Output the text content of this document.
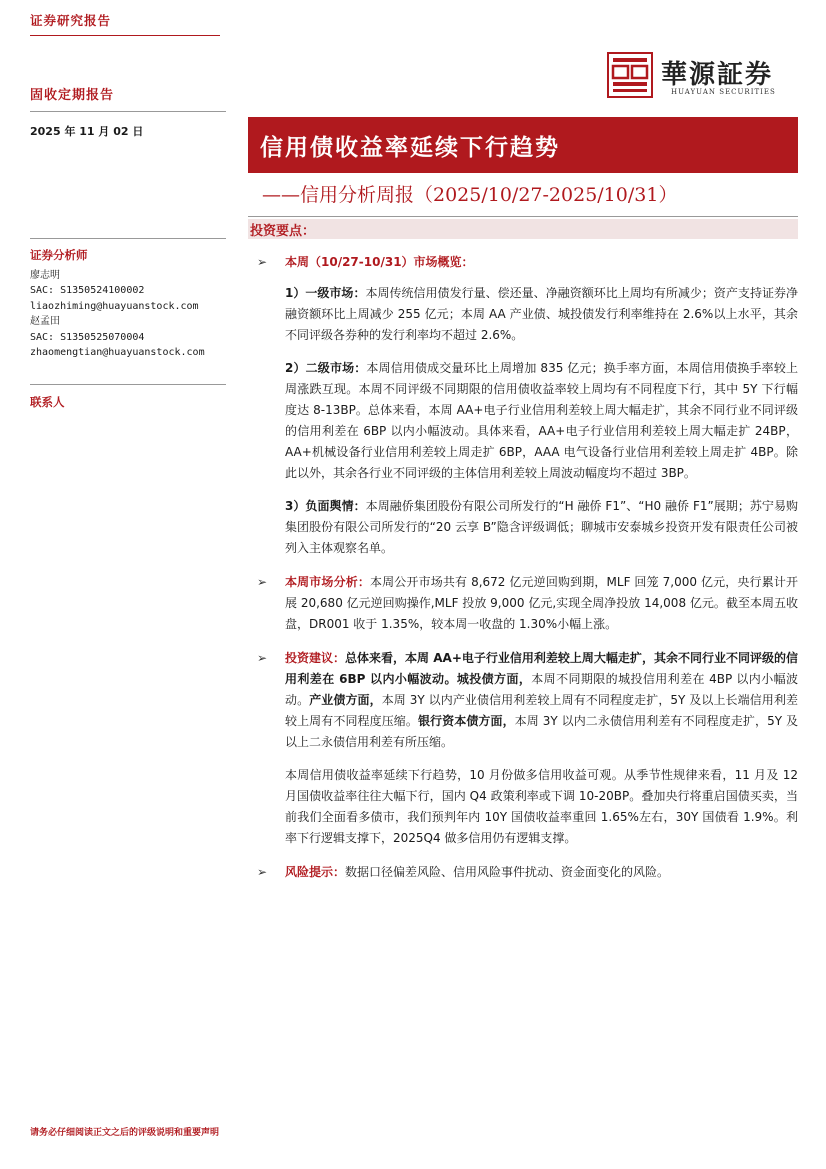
证券研究报告
固收定期报告
華源証券
HUAYUAN SECURITIES
2025 年 11 月 02 日
信用债收益率延续下行趋势
——信用分析周报（2025/10/27-2025/10/31）
投资要点：
证券分析师
廖志明
SAC: S1350524100002
liaozhiming@huayuanstock.com
赵孟田
SAC: S1350525070004
zhaomengtian@huayuanstock.com
联系人
➢ 本周（10/27-10/31）市场概览：
1）一级市场：本周传统信用债发行量、偿还量、净融资额环比上周均有所减少；资产支持证券净融资额环比上周减少 255 亿元；本周 AA 产业债、城投债发行利率维持在 2.6%以上水平，其余不同评级各券种的发行利率均不超过 2.6%。
2）二级市场：本周信用债成交量环比上周增加 835 亿元；换手率方面，本周信用债换手率较上周涨跌互现。本周不同评级不同期限的信用债收益率较上周均有不同程度下行，其中 5Y 下行幅度达 8-13BP。总体来看，本周 AA+电子行业信用利差较上周大幅走扩，其余不同行业不同评级的信用利差在 6BP 以内小幅波动。具体来看，AA+电子行业信用利差较上周大幅走扩 24BP，AA+机械设备行业信用利差较上周走扩 6BP，AAA 电气设备行业信用利差较上周走扩 4BP。除此以外，其余各行业不同评级的主体信用利差较上周波动幅度均不超过 3BP。
3）负面舆情：本周融侨集团股份有限公司所发行的“H 融侨 F1”、“H0 融侨 F1”展期；苏宁易购集团股份有限公司所发行的“20 云享 B”隐含评级调低；聊城市安泰城乡投资开发有限责任公司被列入主体观察名单。
➢ 本周市场分析：本周公开市场共有 8,672 亿元逆回购到期，MLF 回笼 7,000 亿元，央行累计开展 20,680 亿元逆回购操作,MLF 投放 9,000 亿元,实现全周净投放 14,008 亿元。截至本周五收盘，DR001 收于 1.35%，较本周一收盘的 1.30%小幅上涨。
➢ 投资建议：总体来看，本周 AA+电子行业信用利差较上周大幅走扩，其余不同行业不同评级的信用利差在 6BP 以内小幅波动。城投债方面，本周不同期限的城投信用利差在 4BP 以内小幅波动。产业债方面，本周 3Y 以内产业债信用利差较上周有不同程度走扩，5Y 及以上长端信用利差较上周有不同程度压缩。银行资本债方面，本周 3Y 以内二永债信用利差有不同程度走扩，5Y 及以上二永债信用利差有所压缩。
本周信用债收益率延续下行趋势，10 月份做多信用收益可观。从季节性规律来看，11 月及 12 月国债收益率往往大幅下行，国内 Q4 政策利率或下调 10-20BP。叠加央行将重启国债买卖，当前我们全面看多债市，我们预判年内 10Y 国债收益率重回 1.65%左右，30Y 国债看 1.9%。利率下行逻辑支撑下，2025Q4 做多信用仍有逻辑支撑。
➢ 风险提示：数据口径偏差风险、信用风险事件扰动、资金面变化的风险。
请务必仔细阅读正文之后的评级说明和重要声明
